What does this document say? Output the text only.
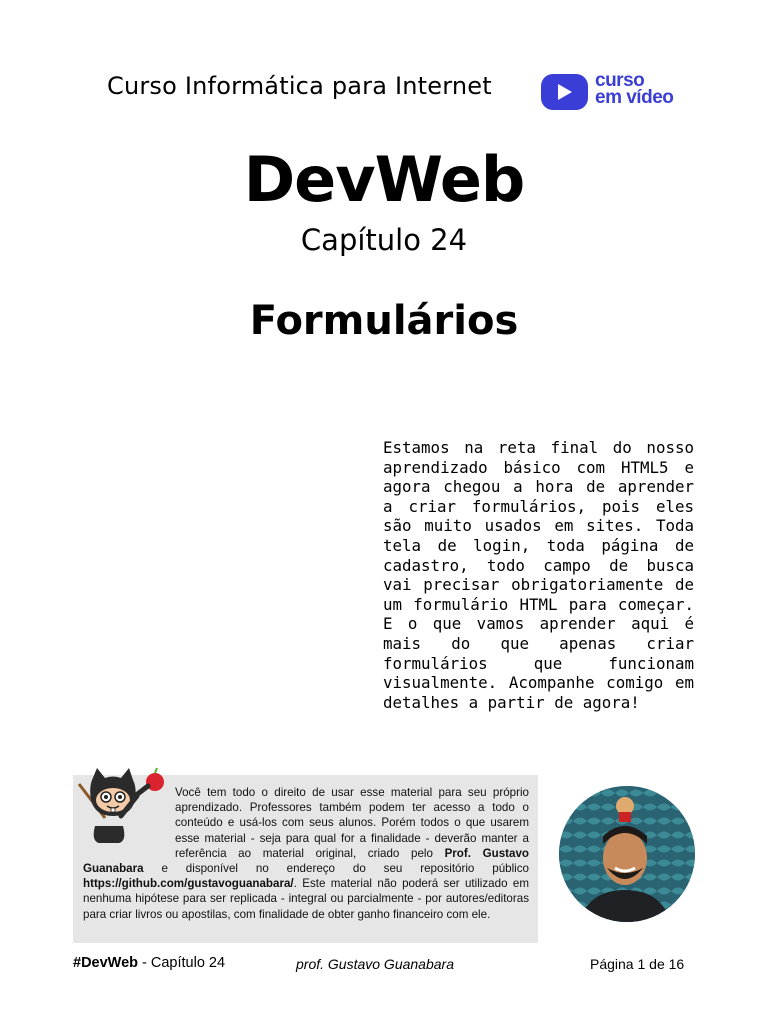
Curso Informática para Internet	curso
em vídeo
DevWeb
Capítulo 24
Formulários
Estamos na reta final do nosso aprendizado básico com HTML5 e agora chegou a hora de aprender a criar formulários, pois eles são muito usados em sites. Toda tela de login, toda página de cadastro, todo campo de busca vai precisar obrigatoriamente de um formulário HTML para começar. E o que vamos aprender aqui é mais do que apenas criar formulários que funcionam visualmente. Acompanhe comigo em detalhes a partir de agora!
Você tem todo o direito de usar esse material para seu próprio aprendizado. Professores também podem ter acesso a todo o conteúdo e usá-los com seus alunos. Porém todos o que usarem esse material - seja para qual for a finalidade - deverão manter a referência ao material original, criado pelo Prof. Gustavo Guanabara e disponível no endereço do seu repositório público https://github.com/gustavoguanabara/. Este material não poderá ser utilizado em nenhuma hipótese para ser replicada - integral ou parcialmente - por autores/editoras para criar livros ou apostilas, com finalidade de obter ganho financeiro com ele.
#DevWeb - Capítulo 24	prof. Gustavo Guanabara	Página 1 de 16
